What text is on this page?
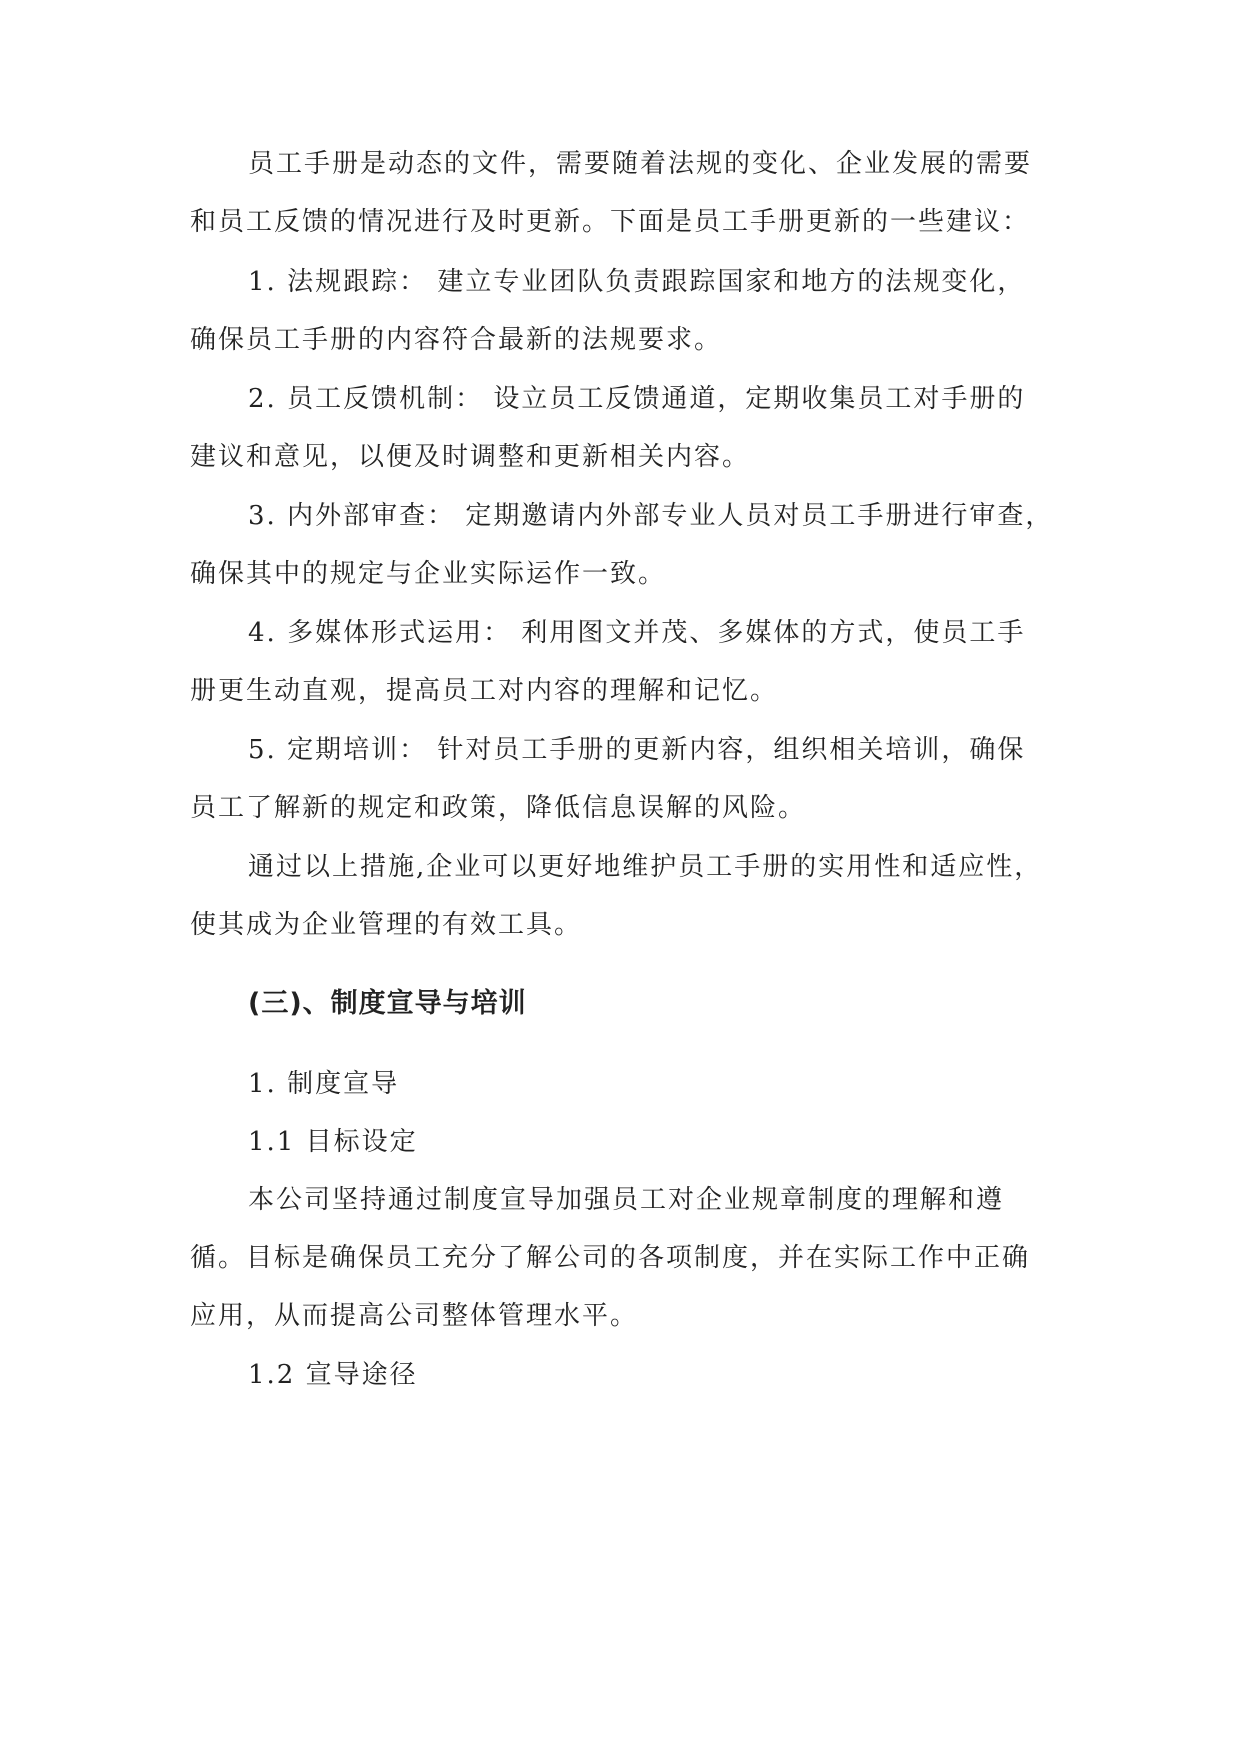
员工手册是动态的文件，需要随着法规的变化、企业发展的需要
和员工反馈的情况进行及时更新。下面是员工手册更新的一些建议：
1. 法规跟踪： 建立专业团队负责跟踪国家和地方的法规变化，
确保员工手册的内容符合最新的法规要求。
2. 员工反馈机制： 设立员工反馈通道，定期收集员工对手册的
建议和意见，以便及时调整和更新相关内容。
3. 内外部审查： 定期邀请内外部专业人员对员工手册进行审查，
确保其中的规定与企业实际运作一致。
4. 多媒体形式运用： 利用图文并茂、多媒体的方式，使员工手
册更生动直观，提高员工对内容的理解和记忆。
5. 定期培训： 针对员工手册的更新内容，组织相关培训，确保
员工了解新的规定和政策，降低信息误解的风险。
通过以上措施,企业可以更好地维护员工手册的实用性和适应性，
使其成为企业管理的有效工具。
(三)、制度宣导与培训
1. 制度宣导
1.1 目标设定
本公司坚持通过制度宣导加强员工对企业规章制度的理解和遵
循。目标是确保员工充分了解公司的各项制度，并在实际工作中正确
应用，从而提高公司整体管理水平。
1.2 宣导途径
